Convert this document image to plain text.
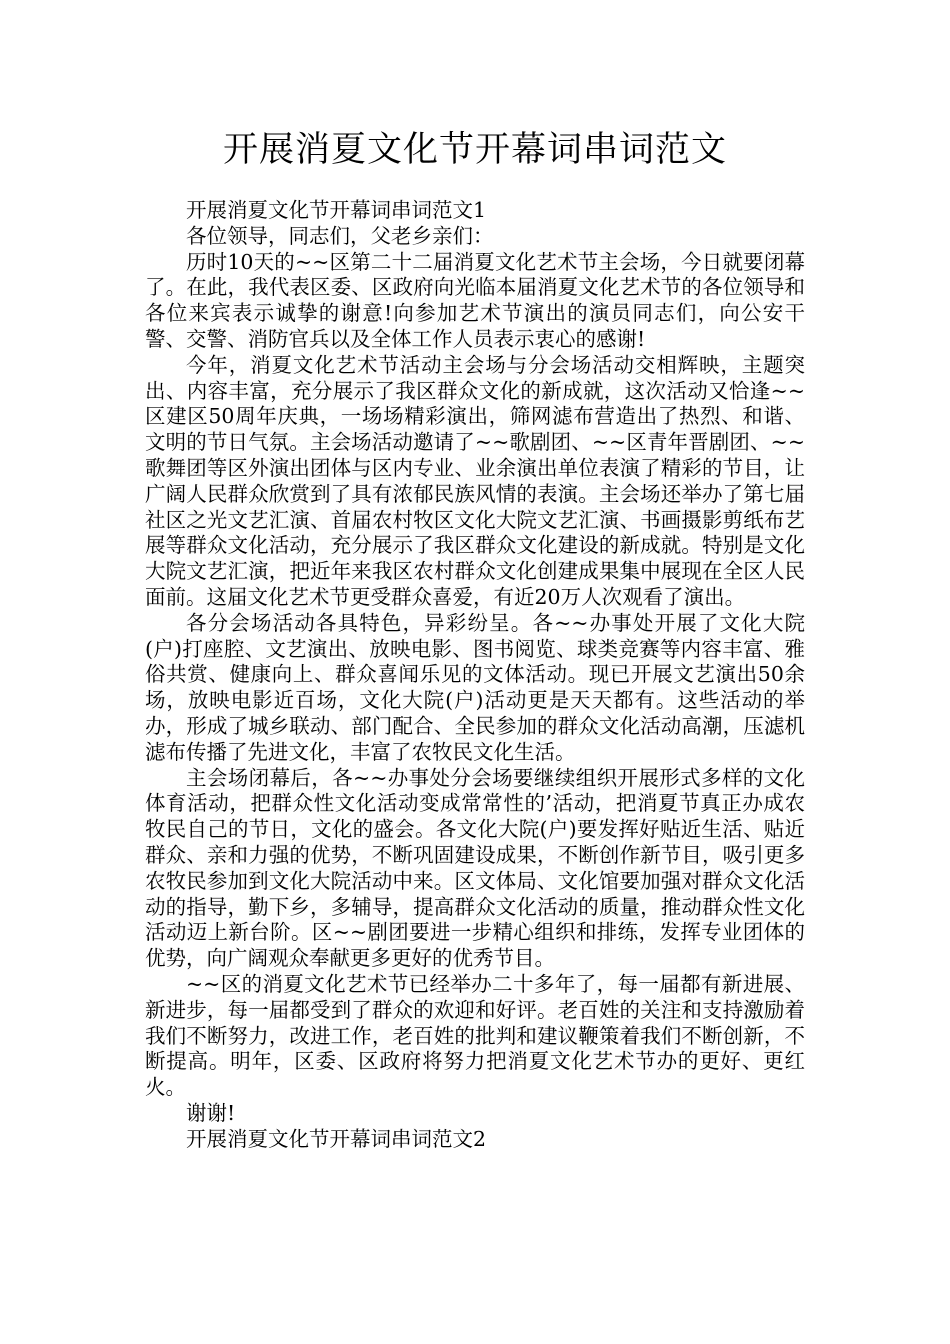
开展消夏文化节开幕词串词范文

开展消夏文化节开幕词串词范文1

各位领导，同志们，父老乡亲们：

历时10天的~~区第二十二届消夏文化艺术节主会场，今日就要闭幕了。在此，我代表区委、区政府向光临本届消夏文化艺术节的各位领导和各位来宾表示诚挚的谢意!向参加艺术节演出的演员同志们，向公安干警、交警、消防官兵以及全体工作人员表示衷心的感谢!

今年，消夏文化艺术节活动主会场与分会场活动交相辉映，主题突出、内容丰富，充分展示了我区群众文化的新成就，这次活动又恰逢~~区建区50周年庆典，一场场精彩演出，筛网滤布营造出了热烈、和谐、文明的节日气氛。主会场活动邀请了~~歌剧团、~~区青年晋剧团、~~歌舞团等区外演出团体与区内专业、业余演出单位表演了精彩的节目，让广阔人民群众欣赏到了具有浓郁民族风情的表演。主会场还举办了第七届社区之光文艺汇演、首届农村牧区文化大院文艺汇演、书画摄影剪纸布艺展等群众文化活动，充分展示了我区群众文化建设的新成就。特别是文化大院文艺汇演，把近年来我区农村群众文化创建成果集中展现在全区人民面前。这届文化艺术节更受群众喜爱，有近20万人次观看了演出。

各分会场活动各具特色，异彩纷呈。各~~办事处开展了文化大院(户)打座腔、文艺演出、放映电影、图书阅览、球类竞赛等内容丰富、雅俗共赏、健康向上、群众喜闻乐见的文体活动。现已开展文艺演出50余场，放映电影近百场，文化大院(户)活动更是天天都有。这些活动的举办，形成了城乡联动、部门配合、全民参加的群众文化活动高潮，压滤机滤布传播了先进文化，丰富了农牧民文化生活。

主会场闭幕后，各~~办事处分会场要继续组织开展形式多样的文化体育活动，把群众性文化活动变成常常性的’活动，把消夏节真正办成农牧民自己的节日，文化的盛会。各文化大院(户)要发挥好贴近生活、贴近群众、亲和力强的优势，不断巩固建设成果，不断创作新节目，吸引更多农牧民参加到文化大院活动中来。区文体局、文化馆要加强对群众文化活动的指导，勤下乡，多辅导，提高群众文化活动的质量，推动群众性文化活动迈上新台阶。区~~剧团要进一步精心组织和排练，发挥专业团体的优势，向广阔观众奉献更多更好的优秀节目。

~~区的消夏文化艺术节已经举办二十多年了，每一届都有新进展、新进步，每一届都受到了群众的欢迎和好评。老百姓的关注和支持激励着我们不断努力，改进工作，老百姓的批判和建议鞭策着我们不断创新，不断提高。明年，区委、区政府将努力把消夏文化艺术节办的更好、更红火。

谢谢!

开展消夏文化节开幕词串词范文2
